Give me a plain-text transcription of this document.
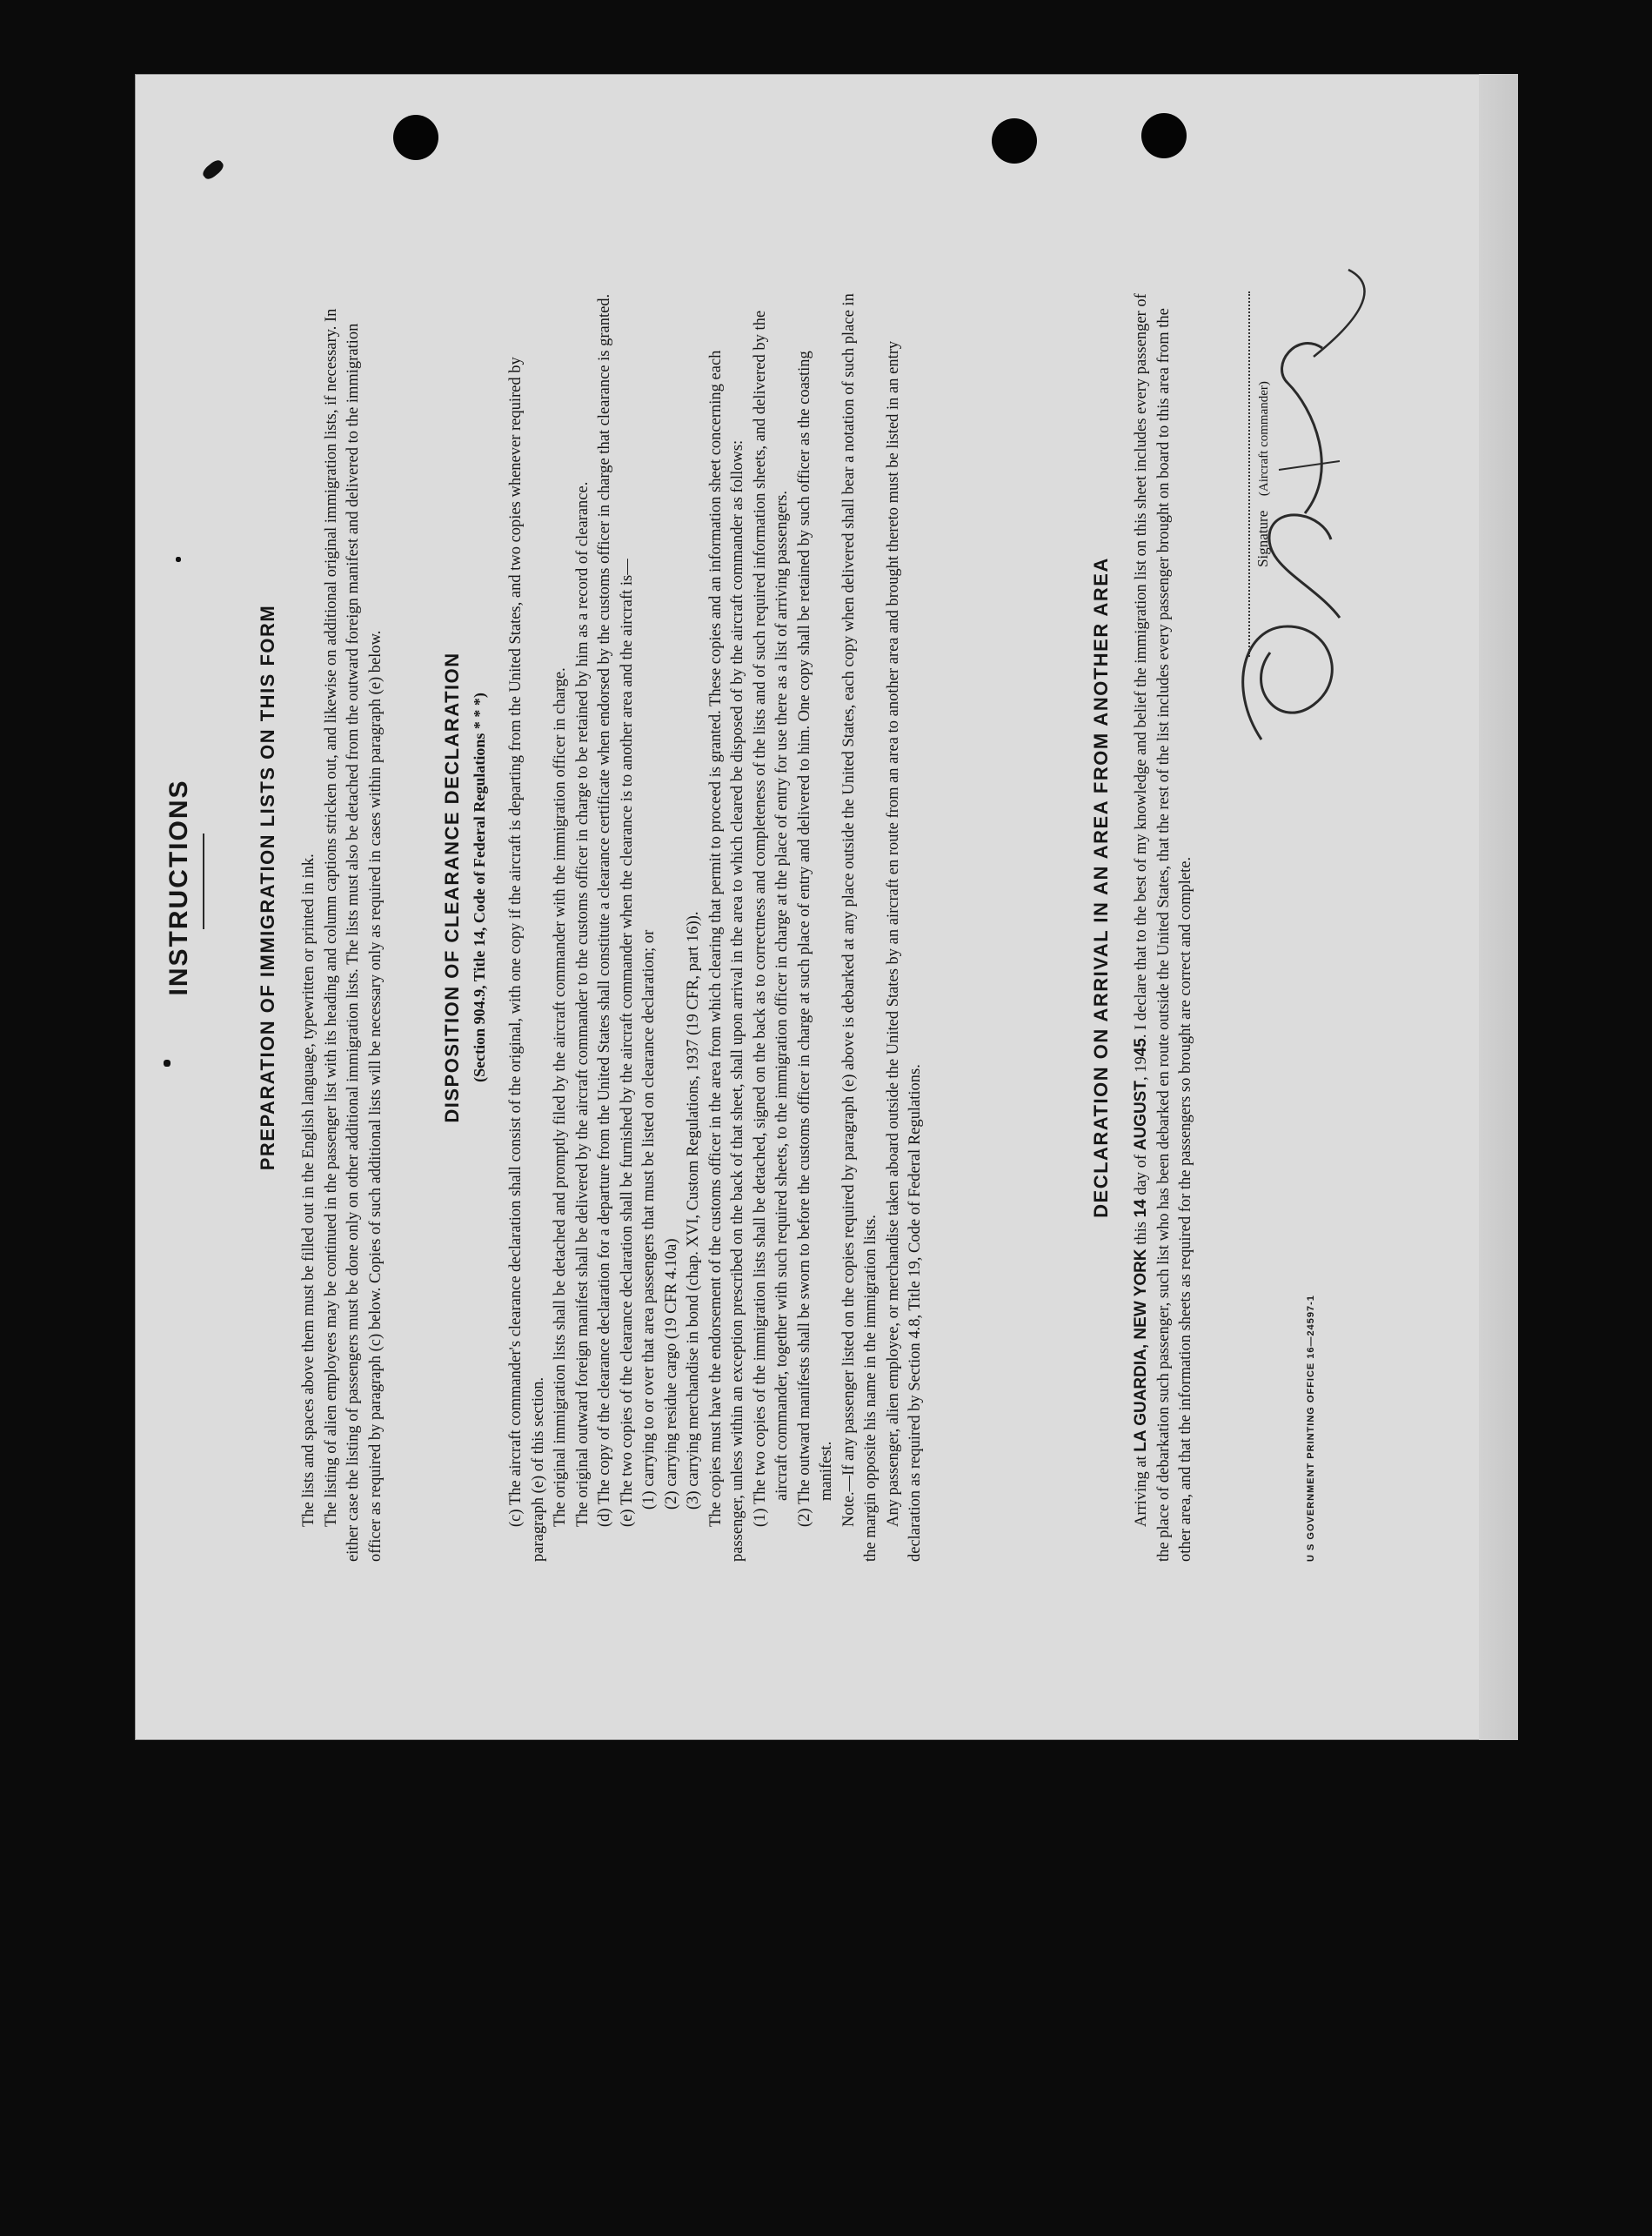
INSTRUCTIONS	PREPARATION OF IMMIGRATION LISTS ON THIS FORM The lists and spaces above them must be filled out in the English language, typewritten or printed in ink. The listing of alien employees may be continued in the passenger list with its heading and column captions stricken out, and likewise on additional original immigration lists, if necessary. In either case the listing of passengers must be done only on other additional immigration lists. The lists must also be detached from the outward foreign manifest and delivered to the immigration officer as required by paragraph (c) below. Copies of such additional lists will be necessary only as required in cases within paragraph (e) below.	DISPOSITION OF CLEARANCE DECLARATION (Section 904.9, Title 14, Code of Federal Regulations * * *) (c) The aircraft commander's clearance declaration shall consist of the original, with one copy if the aircraft is departing from the United States, and two copies whenever required by paragraph (e) of this section. The original immigration lists shall be detached and promptly filed by the aircraft commander with the immigration officer in charge. The original outward foreign manifest shall be delivered by the aircraft commander to the customs officer in charge to be retained by him as a record of clearance. (d) The copy of the clearance declaration for a departure from the United States shall constitute a clearance certificate when endorsed by the customs officer in charge that clearance is granted. (e) The two copies of the clearance declaration shall be furnished by the aircraft commander when the clearance is to another area and the aircraft is— (1) carrying to or over that area passengers that must be listed on clearance declaration; or (2) carrying residue cargo (19 CFR 4.10a) (3) carrying merchandise in bond (chap. XVI, Custom Regulations, 1937 (19 CFR, part 16)). The copies must have the endorsement of the customs officer in the area from which clearing that permit to proceed is granted. These copies and an information sheet concerning each passenger, unless within an exception prescribed on the back of that sheet, shall upon arrival in the area to which cleared be disposed of by the aircraft commander as follows: (1) The two copies of the immigration lists shall be detached, signed on the back as to correctness and completeness of the lists and of such required information sheets, and delivered by the aircraft commander, together with such required sheets, to the immigration officer in charge at the place of entry for use there as a list of arriving passengers. (2) The outward manifests shall be sworn to before the customs officer in charge at such place of entry and delivered to him. One copy shall be retained by such officer as the coasting manifest. Note.—If any passenger listed on the copies required by paragraph (e) above is debarked at any place outside the United States, each copy when delivered shall bear a notation of such place in the margin opposite his name in the immigration lists. Any passenger, alien employee, or merchandise taken aboard outside the United States by an aircraft en route from an area to another area and brought thereto must be listed in an entry declaration as required by Section 4.8, Title 19, Code of Federal Regulations.

DECLARATION ON ARRIVAL IN AN AREA FROM ANOTHER AREA

Arriving at LA GUARDIA, NEW YORK this 14 day of AUGUST, 1945. I declare that to the best of my knowledge and belief the immigration list on this sheet includes every passenger of the place of debarkation such passenger, such list who has been debarked en route outside the United States, that the rest of the list includes every passenger brought on board to this area from the other area, and that the information sheets as required for the passengers so brought are correct and complete.

Signature (Aircraft commander)
U S GOVERNMENT PRINTING OFFICE 16—24597-1
